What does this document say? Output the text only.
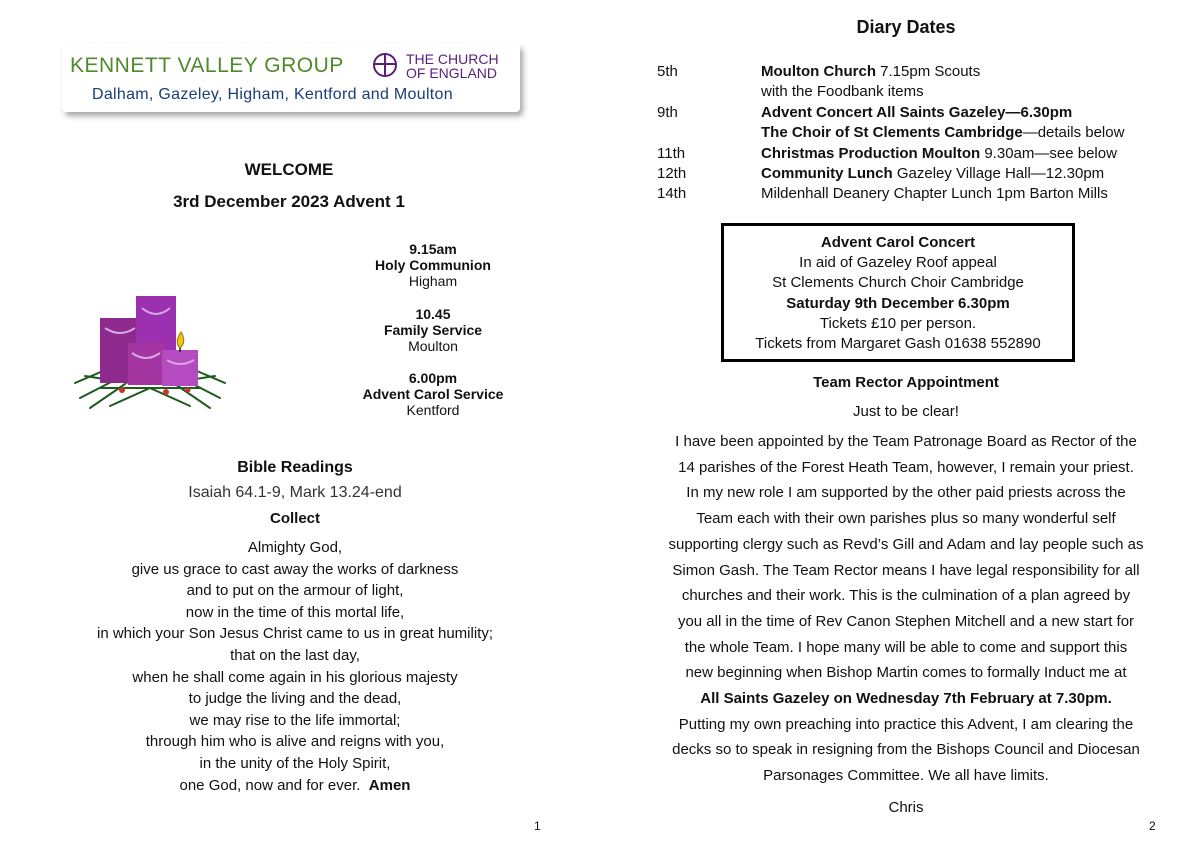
KENNETT VALLEY GROUP	THE CHURCH
OF ENGLAND
Dalham, Gazeley, Higham, Kentford and Moulton
WELCOME
3rd December 2023 Advent 1
9.15am
Holy Communion
Higham
10.45
Family Service
Moulton
6.00pm
Advent Carol Service
Kentford
Bible Readings
Isaiah 64.1-9, Mark 13.24-end
Collect
Almighty God,
give us grace to cast away the works of darkness
and to put on the armour of light,
now in the time of this mortal life,
in which your Son Jesus Christ came to us in great humility;
that on the last day,
when he shall come again in his glorious majesty
to judge the living and the dead,
we may rise to the life immortal;
through him who is alive and reigns with you,
in the unity of the Holy Spirit,
one God, now and for ever. Amen
1
Diary Dates
5th	Moulton Church 7.15pm Scouts
with the Foodbank items
9th	Advent Concert All Saints Gazeley—6.30pm
The Choir of St Clements Cambridge—details below
11th	Christmas Production Moulton 9.30am—see below
12th	Community Lunch Gazeley Village Hall—12.30pm
14th	Mildenhall Deanery Chapter Lunch 1pm Barton Mills
Advent Carol Concert
In aid of Gazeley Roof appeal
St Clements Church Choir Cambridge
Saturday 9th December 6.30pm
Tickets £10 per person.
Tickets from Margaret Gash 01638 552890
Team Rector Appointment
Just to be clear!
I have been appointed by the Team Patronage Board as Rector of the
14 parishes of the Forest Heath Team, however, I remain your priest.
In my new role I am supported by the other paid priests across the
Team each with their own parishes plus so many wonderful self
supporting clergy such as Revd’s Gill and Adam and lay people such as
Simon Gash. The Team Rector means I have legal responsibility for all
churches and their work. This is the culmination of a plan agreed by
you all in the time of Rev Canon Stephen Mitchell and a new start for
the whole Team. I hope many will be able to come and support this
new beginning when Bishop Martin comes to formally Induct me at
All Saints Gazeley on Wednesday 7th February at 7.30pm.
Putting my own preaching into practice this Advent, I am clearing the
decks so to speak in resigning from the Bishops Council and Diocesan
Parsonages Committee. We all have limits.
Chris
2
